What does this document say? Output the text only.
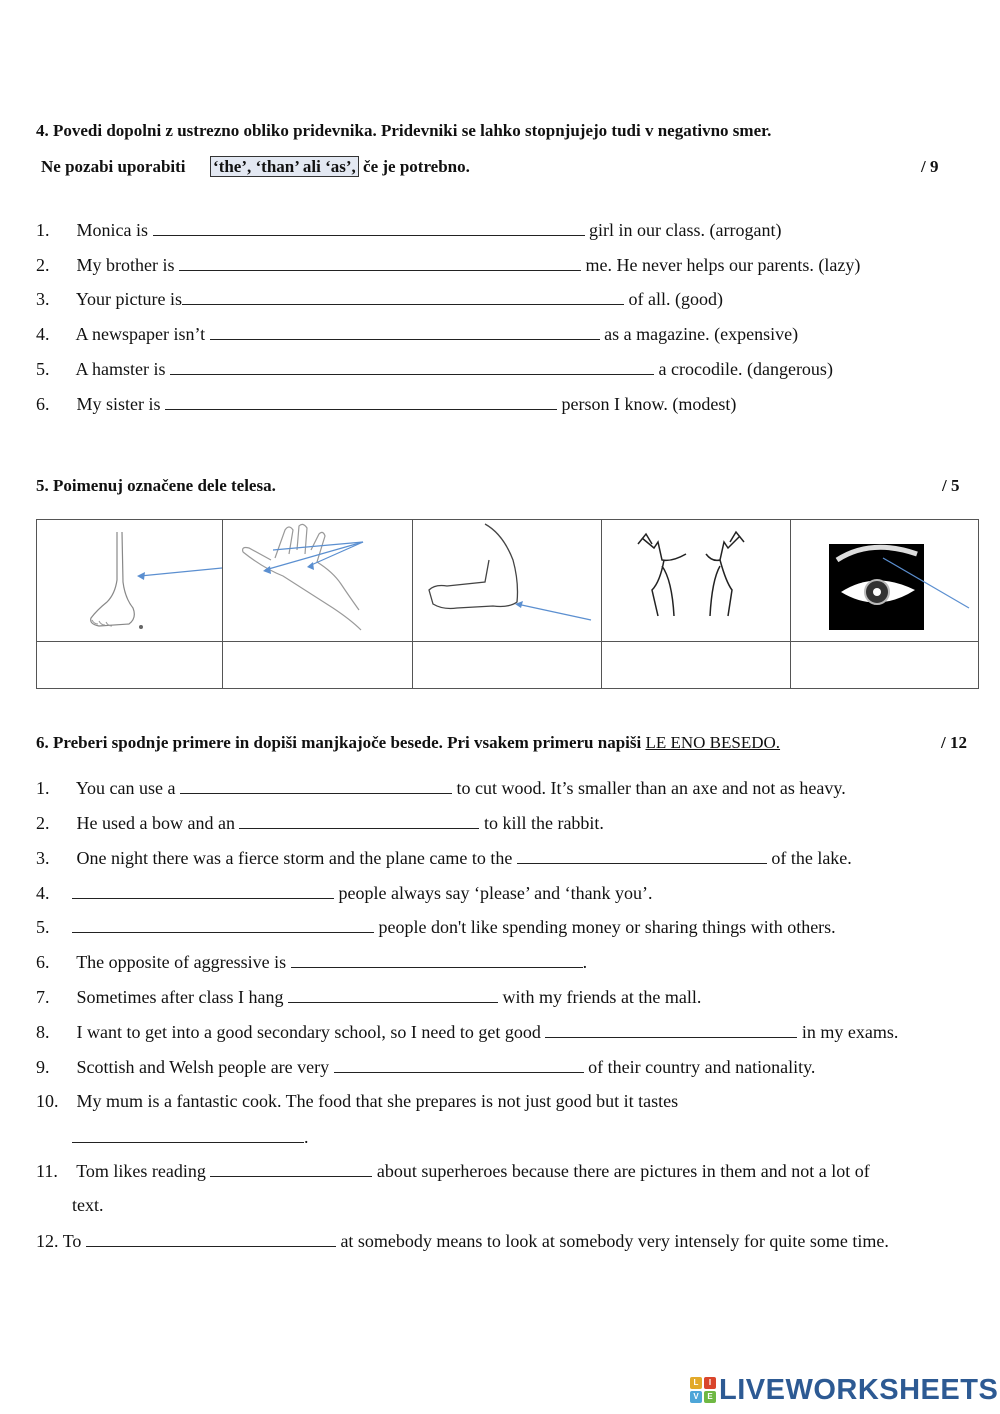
4. Povedi dopolni z ustrezno obliko pridevnika. Pridevniki se lahko stopnjujejo tudi v negativno smer.
Ne pozabi uporabiti ‘the’, ‘than’ ali ‘as’, če je potrebno.	/ 9
1. Monica is	girl in our class. (arrogant)
2. My brother is	me. He never helps our parents. (lazy)
3. Your picture is	of all. (good)
4. A newspaper isn’t	as a magazine. (expensive)
5. A hamster is	a crocodile. (dangerous)
6. My sister is	person I know. (modest)
5. Poimenuj označene dele telesa.	/ 5

6. Preberi spodnje primere in dopiši manjkajoče besede. Pri vsakem primeru napiši LE ENO BESEDO.	/ 12
1. You can use a	to cut wood. It’s smaller than an axe and not as heavy.
2. He used a bow and an	to kill the rabbit.
3. One night there was a fierce storm and the plane came to the	of the lake.
4.	people always say ‘please’ and ‘thank you’.
5.	people don't like spending money or sharing things with others.
6. The opposite of aggressive is	.
7. Sometimes after class I hang	with my friends at the mall.
8. I want to get into a good secondary school, so I need to get good	in my exams.
9. Scottish and Welsh people are very	of their country and nationality.
10. My mum is a fantastic cook. The food that she prepares is not just good but it tastes
.
11. Tom likes reading	about superheroes because there are pictures in them and not a lot of
text.
12. To	at somebody means to look at somebody very intensely for quite some time.
L	I
V	E LIVEWORKSHEETS
